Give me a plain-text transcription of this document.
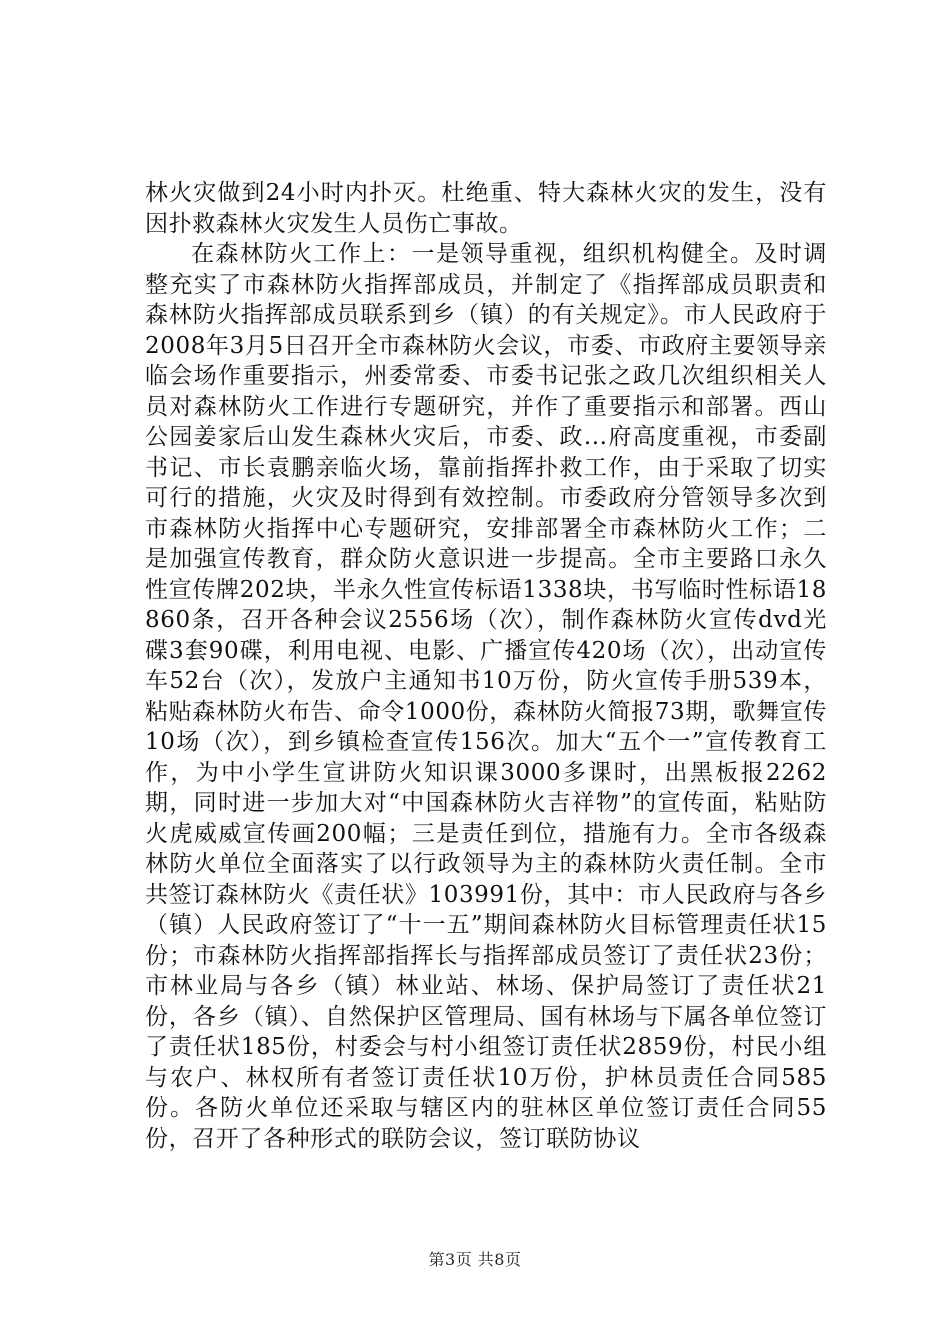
林火灾做到24小时内扑灭。杜绝重、特大森林火灾的发生，没有因扑救森林火灾发生人员伤亡事故。

在森林防火工作上：一是领导重视，组织机构健全。及时调整充实了市森林防火指挥部成员，并制定了《指挥部成员职责和森林防火指挥部成员联系到乡（镇）的有关规定》。市人民政府于2008年3月5日召开全市森林防火会议，市委、市政府主要领导亲临会场作重要指示，州委常委、市委书记张之政几次组织相关人员对森林防火工作进行专题研究，并作了重要指示和部署。西山公园姜家后山发生森林火灾后，市委、政...府高度重视，市委副书记、市长袁鹏亲临火场，靠前指挥扑救工作，由于采取了切实可行的措施，火灾及时得到有效控制。市委政府分管领导多次到市森林防火指挥中心专题研究，安排部署全市森林防火工作；二是加强宣传教育，群众防火意识进一步提高。全市主要路口永久性宣传牌202块，半永久性宣传标语1338块，书写临时性标语18860条，召开各种会议2556场（次），制作森林防火宣传dvd光碟3套90碟，利用电视、电影、广播宣传420场（次），出动宣传车52台（次），发放户主通知书10万份，防火宣传手册539本，粘贴森林防火布告、命令1000份，森林防火简报73期，歌舞宣传10场（次），到乡镇检查宣传156次。加大“五个一”宣传教育工作，为中小学生宣讲防火知识课3000多课时，出黑板报2262期，同时进一步加大对“中国森林防火吉祥物”的宣传面，粘贴防火虎威威宣传画200幅；三是责任到位，措施有力。全市各级森林防火单位全面落实了以行政领导为主的森林防火责任制。全市共签订森林防火《责任状》103991份，其中：市人民政府与各乡（镇）人民政府签订了“十一五”期间森林防火目标管理责任状15份；市森林防火指挥部指挥长与指挥部成员签订了责任状23份；市林业局与各乡（镇）林业站、林场、保护局签订了责任状21份，各乡（镇）、自然保护区管理局、国有林场与下属各单位签订了责任状185份，村委会与村小组签订责任状2859份，村民小组与农户、林权所有者签订责任状10万份，护林员责任合同585份。各防火单位还采取与辖区内的驻林区单位签订责任合同55份，召开了各种形式的联防会议，签订联防协议

第3页 共8页
